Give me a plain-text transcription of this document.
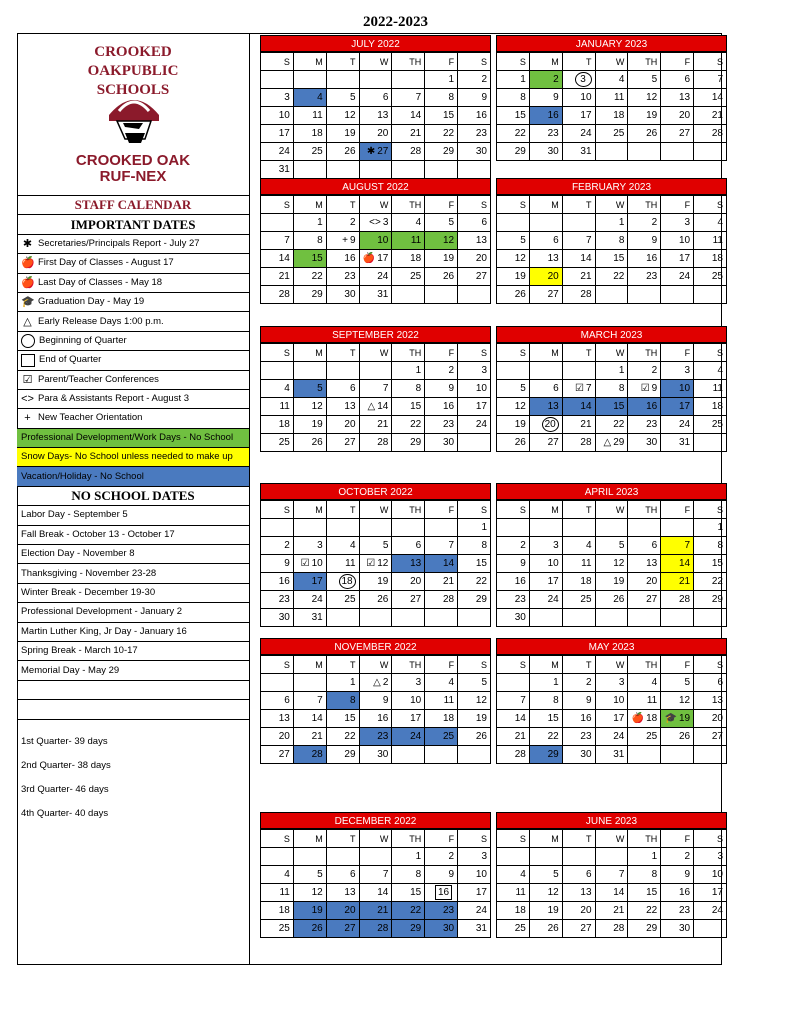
2022-2023
CROOKED OAKPUBLIC SCHOOLS
CROOKED OAK
RUF-NEX
STAFF CALENDAR
IMPORTANT DATES
✱ Secretaries/Principals Report - July 27
🍎 First Day of Classes - August 17
🍎 Last Day of Classes - May 18
🎓 Graduation Day - May 19
△ Early Release Days 1:00 p.m.
Beginning of Quarter
End of Quarter
☑ Parent/Teacher Conferences
<> Para & Assistants Report - August 3
+ New Teacher Orientation
Professional Development/Work Days - No School
Snow Days- No School unless needed to make up
Vacation/Holiday - No School
NO SCHOOL DATES
Labor Day - September 5
Fall Break - October 13 - October 17
Election Day - November 8
Thanksgiving - November 23-28
Winter Break - December 19-30
Professional Development - January 2
Martin Luther King, Jr Day - January 16
Spring Break - March 10-17
Memorial Day - May 29
1st Quarter- 39 days
2nd Quarter- 38 days
3rd Quarter- 46 days
4th Quarter- 40 days
JULY 2022
S	M	T	W	TH	F	S
					1	2
3	4	5	6	7	8	9
10	11	12	13	14	15	16
17	18	19	20	21	22	23
24	25	26	✱ 27	28	29	30
31						
AUGUST 2022
S	M	T	W	TH	F	S
	1	2	<> 3	4	5	6
7	8	+ 9	10	11	12	13
14	15	16	🍎 17	18	19	20
21	22	23	24	25	26	27
28	29	30	31			
SEPTEMBER 2022
S	M	T	W	TH	F	S
				1	2	3
4	5	6	7	8	9	10
11	12	13	△ 14	15	16	17
18	19	20	21	22	23	24
25	26	27	28	29	30	
OCTOBER 2022
S	M	T	W	TH	F	S
						1
2	3	4	5	6	7	8
9	☑ 10	11	☑ 12	13	14	15
16	17	18	19	20	21	22
23	24	25	26	27	28	29
30	31					
NOVEMBER 2022
S	M	T	W	TH	F	S
		1	△ 2	3	4	5
6	7	8	9	10	11	12
13	14	15	16	17	18	19
20	21	22	23	24	25	26
27	28	29	30			
DECEMBER 2022
S	M	T	W	TH	F	S
				1	2	3
4	5	6	7	8	9	10
11	12	13	14	15	16	17
18	19	20	21	22	23	24
25	26	27	28	29	30	31
JANUARY 2023
S	M	T	W	TH	F	S
1	2	3	4	5	6	7
8	9	10	11	12	13	14
15	16	17	18	19	20	21
22	23	24	25	26	27	28
29	30	31				
FEBRUARY 2023
S	M	T	W	TH	F	S
			1	2	3	4
5	6	7	8	9	10	11
12	13	14	15	16	17	18
19	20	21	22	23	24	25
26	27	28				
MARCH 2023
S	M	T	W	TH	F	S
			1	2	3	4
5	6	☑ 7	8	☑ 9	10	11
12	13	14	15	16	17	18
19	20	21	22	23	24	25
26	27	28	△ 29	30	31	
APRIL 2023
S	M	T	W	TH	F	S
						1
2	3	4	5	6	7	8
9	10	11	12	13	14	15
16	17	18	19	20	21	22
23	24	25	26	27	28	29
30						
MAY 2023
S	M	T	W	TH	F	S
	1	2	3	4	5	6
7	8	9	10	11	12	13
14	15	16	17	🍎 18	🎓 19	20
21	22	23	24	25	26	27
28	29	30	31			
JUNE 2023
S	M	T	W	TH	F	S
				1	2	3
4	5	6	7	8	9	10
11	12	13	14	15	16	17
18	19	20	21	22	23	24
25	26	27	28	29	30	
